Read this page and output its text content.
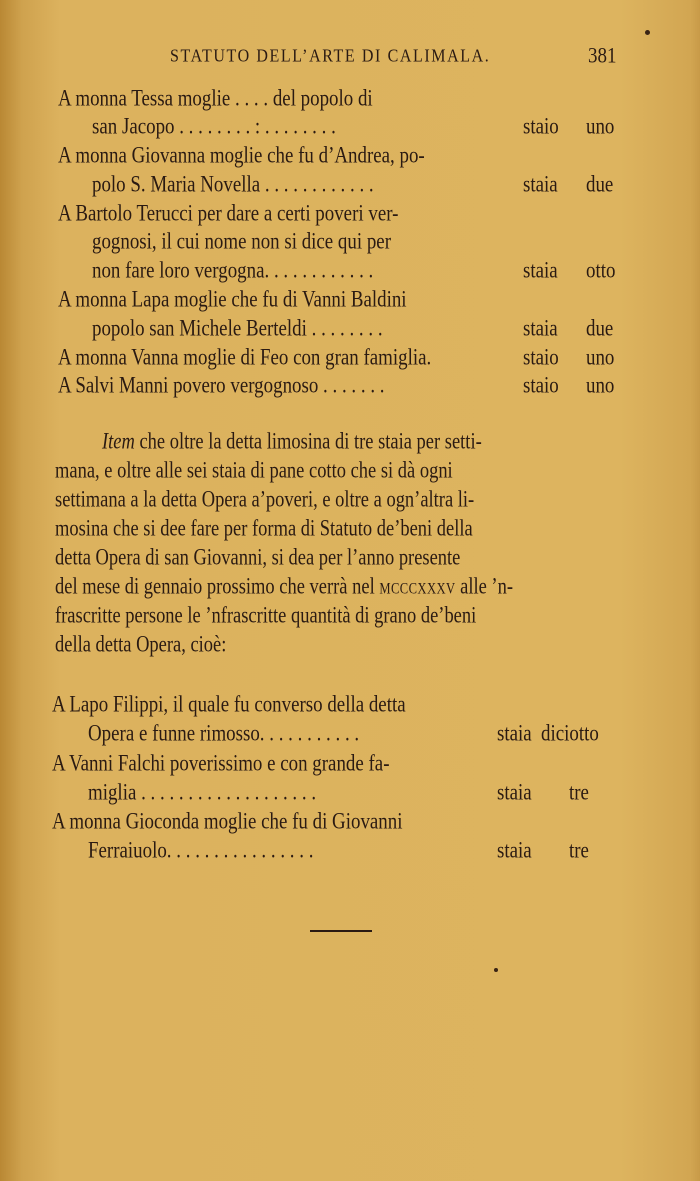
STATUTO DELL’ARTE DI CALIMALA.	381
A monna Tessa moglie . . . . del popolo di
san Jacopo . . . . . . . . : . . . . . . . .	staio uno
A monna Giovanna moglie che fu d’Andrea, po-
polo S. Maria Novella . . . . . . . . . . . .	staia due
A Bartolo Terucci per dare a certi poveri ver-
gognosi, il cui nome non si dice qui per
non fare loro vergogna. . . . . . . . . . . .	staia otto
A monna Lapa moglie che fu di Vanni Baldini
popolo san Michele Berteldi . . . . . . . .	staia due
A monna Vanna moglie di Feo con gran famiglia.	staio uno
A Salvi Manni povero vergognoso . . . . . . .	staio uno
Item che oltre la detta limosina di tre staia per setti-
mana, e oltre alle sei staia di pane cotto che si dà ogni
settimana a la detta Opera a’poveri, e oltre a ogn’altra li-
mosina che si dee fare per forma di Statuto de’beni della
detta Opera di san Giovanni, si dea per l’anno presente
del mese di gennaio prossimo che verrà nel MCCCXXXV alle ’n-
frascritte persone le ’nfrascritte quantità di grano de’beni
della detta Opera, cioè:
A Lapo Filippi, il quale fu converso della detta
Opera e funne rimosso. . . . . . . . . . .	staia diciotto
A Vanni Falchi poverissimo e con grande fa-
miglia . . . . . . . . . . . . . . . . . . .	staia tre
A monna Gioconda moglie che fu di Giovanni
Ferraiuolo. . . . . . . . . . . . . . . .	staia tre
